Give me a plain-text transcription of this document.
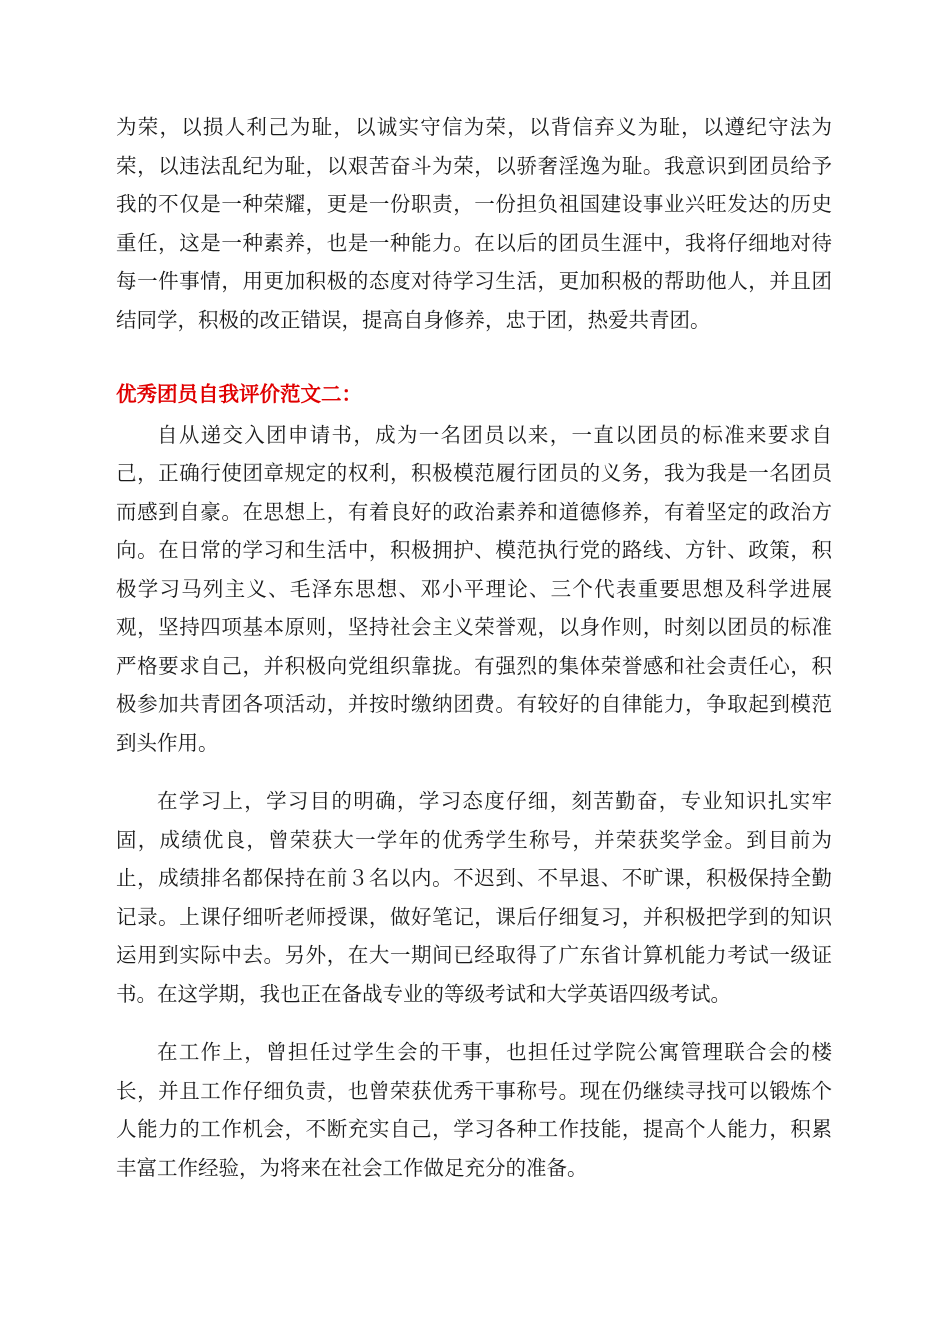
为荣，以损人利己为耻，以诚实守信为荣，以背信弃义为耻，以遵纪守法为荣，以违法乱纪为耻，以艰苦奋斗为荣，以骄奢淫逸为耻。我意识到团员给予我的不仅是一种荣耀，更是一份职责，一份担负祖国建设事业兴旺发达的历史重任，这是一种素养，也是一种能力。在以后的团员生涯中，我将仔细地对待每一件事情，用更加积极的态度对待学习生活，更加积极的帮助他人，并且团结同学，积极的改正错误，提高自身修养，忠于团，热爱共青团。

优秀团员自我评价范文二：

自从递交入团申请书，成为一名团员以来，一直以团员的标准来要求自己，正确行使团章规定的权利，积极模范履行团员的义务，我为我是一名团员而感到自豪。在思想上，有着良好的政治素养和道德修养，有着坚定的政治方向。在日常的学习和生活中，积极拥护、模范执行党的路线、方针、政策，积极学习马列主义、毛泽东思想、邓小平理论、三个代表重要思想及科学进展观，坚持四项基本原则，坚持社会主义荣誉观，以身作则，时刻以团员的标准严格要求自己，并积极向党组织靠拢。有强烈的集体荣誉感和社会责任心，积极参加共青团各项活动，并按时缴纳团费。有较好的自律能力，争取起到模范到头作用。

在学习上，学习目的明确，学习态度仔细，刻苦勤奋，专业知识扎实牢固，成绩优良，曾荣获大一学年的优秀学生称号，并荣获奖学金。到目前为止，成绩排名都保持在前３名以内。不迟到、不早退、不旷课，积极保持全勤记录。上课仔细听老师授课，做好笔记，课后仔细复习，并积极把学到的知识运用到实际中去。另外，在大一期间已经取得了广东省计算机能力考试一级证书。在这学期，我也正在备战专业的等级考试和大学英语四级考试。

在工作上，曾担任过学生会的干事，也担任过学院公寓管理联合会的楼长，并且工作仔细负责，也曾荣获优秀干事称号。现在仍继续寻找可以锻炼个人能力的工作机会，不断充实自己，学习各种工作技能，提高个人能力，积累丰富工作经验，为将来在社会工作做足充分的准备。
